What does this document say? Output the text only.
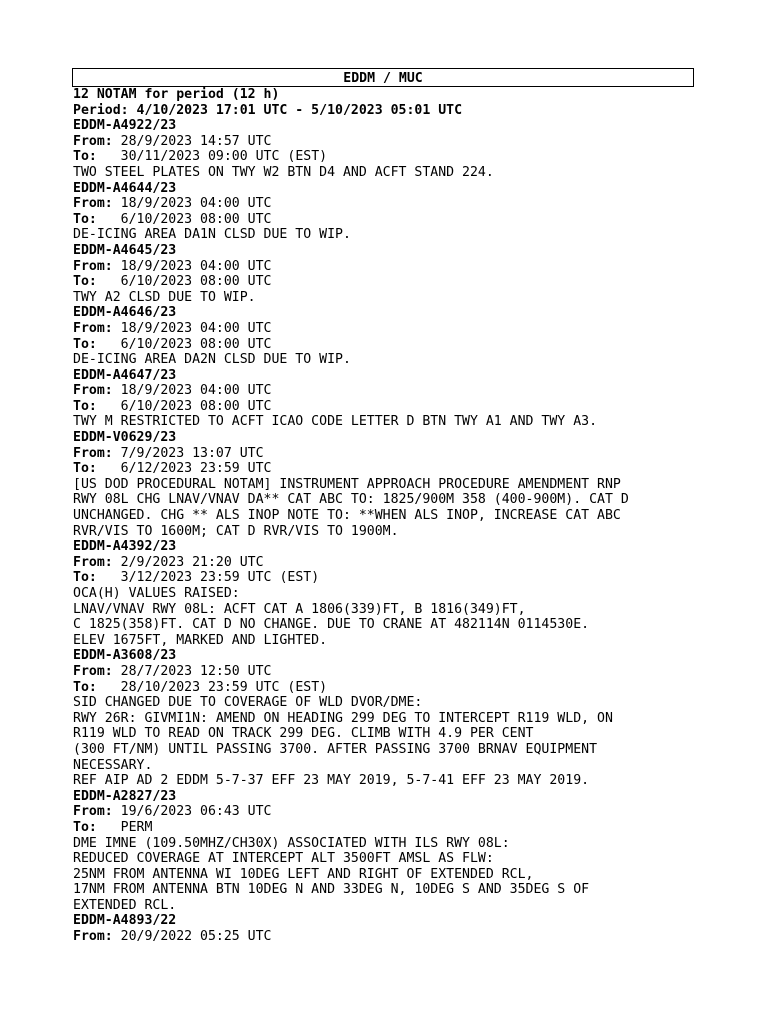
EDDM / MUC
12 NOTAM for period (12 h)
Period: 4/10/2023 17:01 UTC - 5/10/2023 05:01 UTC
EDDM-A4922/23
From: 28/9/2023 14:57 UTC
To:   30/11/2023 09:00 UTC (EST)
TWO STEEL PLATES ON TWY W2 BTN D4 AND ACFT STAND 224.
EDDM-A4644/23
From: 18/9/2023 04:00 UTC
To:   6/10/2023 08:00 UTC
DE-ICING AREA DA1N CLSD DUE TO WIP.
EDDM-A4645/23
From: 18/9/2023 04:00 UTC
To:   6/10/2023 08:00 UTC
TWY A2 CLSD DUE TO WIP.
EDDM-A4646/23
From: 18/9/2023 04:00 UTC
To:   6/10/2023 08:00 UTC
DE-ICING AREA DA2N CLSD DUE TO WIP.
EDDM-A4647/23
From: 18/9/2023 04:00 UTC
To:   6/10/2023 08:00 UTC
TWY M RESTRICTED TO ACFT ICAO CODE LETTER D BTN TWY A1 AND TWY A3.
EDDM-V0629/23
From: 7/9/2023 13:07 UTC
To:   6/12/2023 23:59 UTC
[US DOD PROCEDURAL NOTAM] INSTRUMENT APPROACH PROCEDURE AMENDMENT RNP
RWY 08L CHG LNAV/VNAV DA** CAT ABC TO: 1825/900M 358 (400-900M). CAT D
UNCHANGED. CHG ** ALS INOP NOTE TO: **WHEN ALS INOP, INCREASE CAT ABC
RVR/VIS TO 1600M; CAT D RVR/VIS TO 1900M.
EDDM-A4392/23
From: 2/9/2023 21:20 UTC
To:   3/12/2023 23:59 UTC (EST)
OCA(H) VALUES RAISED:
LNAV/VNAV RWY 08L: ACFT CAT A 1806(339)FT, B 1816(349)FT,
C 1825(358)FT. CAT D NO CHANGE. DUE TO CRANE AT 482114N 0114530E.
ELEV 1675FT, MARKED AND LIGHTED.
EDDM-A3608/23
From: 28/7/2023 12:50 UTC
To:   28/10/2023 23:59 UTC (EST)
SID CHANGED DUE TO COVERAGE OF WLD DVOR/DME:
RWY 26R: GIVMI1N: AMEND ON HEADING 299 DEG TO INTERCEPT R119 WLD, ON
R119 WLD TO READ ON TRACK 299 DEG. CLIMB WITH 4.9 PER CENT
(300 FT/NM) UNTIL PASSING 3700. AFTER PASSING 3700 BRNAV EQUIPMENT
NECESSARY.
REF AIP AD 2 EDDM 5-7-37 EFF 23 MAY 2019, 5-7-41 EFF 23 MAY 2019.
EDDM-A2827/23
From: 19/6/2023 06:43 UTC
To:   PERM
DME IMNE (109.50MHZ/CH30X) ASSOCIATED WITH ILS RWY 08L:
REDUCED COVERAGE AT INTERCEPT ALT 3500FT AMSL AS FLW:
25NM FROM ANTENNA WI 10DEG LEFT AND RIGHT OF EXTENDED RCL,
17NM FROM ANTENNA BTN 10DEG N AND 33DEG N, 10DEG S AND 35DEG S OF
EXTENDED RCL.
EDDM-A4893/22
From: 20/9/2022 05:25 UTC
